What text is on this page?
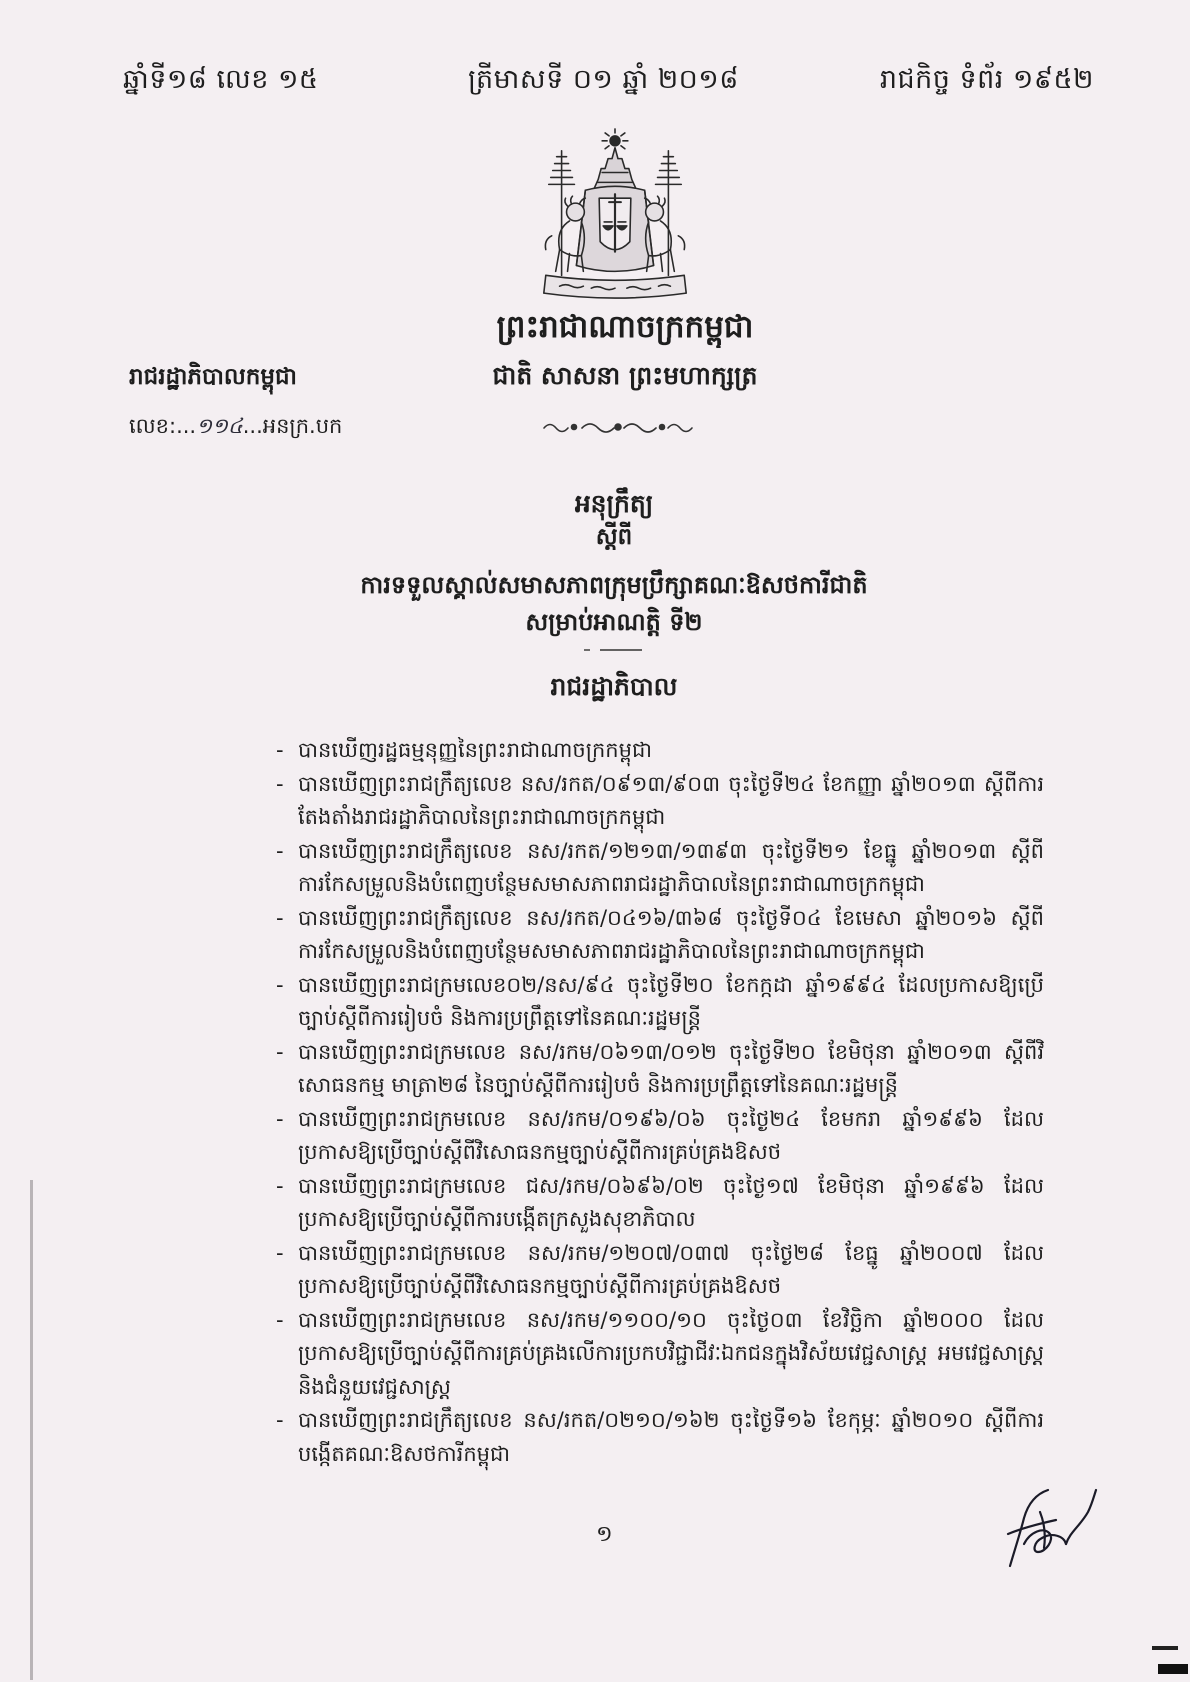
ឆ្នាំទី១៨ លេខ ១៥	ត្រីមាសទី ០១ ឆ្នាំ ២០១៨	រាជកិច្ច ទំព័រ ១៩៥២
ព្រះរាជាណាចក្រកម្ពុជា
ជាតិ សាសនា ព្រះមហាក្សត្រ
រាជរដ្ឋាភិបាលកម្ពុជា
លេខ:...១១៤...អនក្រ.បក
អនុក្រឹត្យ
ស្ដីពី
ការទទួលស្គាល់សមាសភាពក្រុមប្រឹក្សាគណៈឱសថការីជាតិ
សម្រាប់អាណត្តិ ទី២
រាជរដ្ឋាភិបាល
- បានឃើញរដ្ឋធម្មនុញ្ញនៃព្រះរាជាណាចក្រកម្ពុជា
- បានឃើញព្រះរាជក្រឹត្យលេខ នស/រកត/០៩១៣/៩០៣ ចុះថ្ងៃទី២៤ ខែកញ្ញា ឆ្នាំ២០១៣ ស្ដីពីការតែងតាំងរាជរដ្ឋាភិបាលនៃព្រះរាជាណាចក្រកម្ពុជា
- បានឃើញព្រះរាជក្រឹត្យលេខ នស/រកត/១២១៣/១៣៩៣ ចុះថ្ងៃទី២១ ខែធ្នូ ឆ្នាំ២០១៣ ស្ដីពីការកែសម្រួលនិងបំពេញបន្ថែមសមាសភាពរាជរដ្ឋាភិបាលនៃព្រះរាជាណាចក្រកម្ពុជា
- បានឃើញព្រះរាជក្រឹត្យលេខ នស/រកត/០៤១៦/៣៦៨ ចុះថ្ងៃទី០៤ ខែមេសា ឆ្នាំ២០១៦ ស្ដីពីការកែសម្រួលនិងបំពេញបន្ថែមសមាសភាពរាជរដ្ឋាភិបាលនៃព្រះរាជាណាចក្រកម្ពុជា
- បានឃើញព្រះរាជក្រមលេខ០២/នស/៩៤ ចុះថ្ងៃទី២០ ខែកក្កដា ឆ្នាំ១៩៩៤ ដែលប្រកាសឱ្យប្រើច្បាប់ស្ដីពីការរៀបចំ និងការប្រព្រឹត្តទៅនៃគណៈរដ្ឋមន្ត្រី
- បានឃើញព្រះរាជក្រមលេខ នស/រកម/០៦១៣/០១២ ចុះថ្ងៃទី២០ ខែមិថុនា ឆ្នាំ២០១៣ ស្ដីពីវិសោធនកម្ម មាត្រា២៨ នៃច្បាប់ស្ដីពីការរៀបចំ និងការប្រព្រឹត្តទៅនៃគណៈរដ្ឋមន្ត្រី
- បានឃើញព្រះរាជក្រមលេខ នស/រកម/០១៩៦/០៦ ចុះថ្ងៃ២៤ ខែមករា ឆ្នាំ១៩៩៦ ដែលប្រកាសឱ្យប្រើច្បាប់ស្ដីពីវិសោធនកម្មច្បាប់ស្ដីពីការគ្រប់គ្រងឱសថ
- បានឃើញព្រះរាជក្រមលេខ ជស/រកម/០៦៩៦/០២ ចុះថ្ងៃ១៧ ខែមិថុនា ឆ្នាំ១៩៩៦ ដែលប្រកាសឱ្យប្រើច្បាប់ស្ដីពីការបង្កើតក្រសួងសុខាភិបាល
- បានឃើញព្រះរាជក្រមលេខ នស/រកម/១២០៧/០៣៧ ចុះថ្ងៃ២៨ ខែធ្នូ ឆ្នាំ២០០៧ ដែលប្រកាសឱ្យប្រើច្បាប់ស្ដីពីវិសោធនកម្មច្បាប់ស្ដីពីការគ្រប់គ្រងឱសថ
- បានឃើញព្រះរាជក្រមលេខ នស/រកម/១១០០/១០ ចុះថ្ងៃ០៣ ខែវិច្ឆិកា ឆ្នាំ២០០០ ដែលប្រកាសឱ្យប្រើច្បាប់ស្ដីពីការគ្រប់គ្រងលើការប្រកបវិជ្ជាជីវៈឯកជនក្នុងវិស័យវេជ្ជសាស្ត្រ អមវេជ្ជសាស្ត្រ និងជំនួយវេជ្ជសាស្ត្រ
- បានឃើញព្រះរាជក្រឹត្យលេខ នស/រកត/០២១០/១៦២ ចុះថ្ងៃទី១៦ ខែកុម្ភៈ ឆ្នាំ២០១០ ស្ដីពីការបង្កើតគណៈឱសថការីកម្ពុជា
១
